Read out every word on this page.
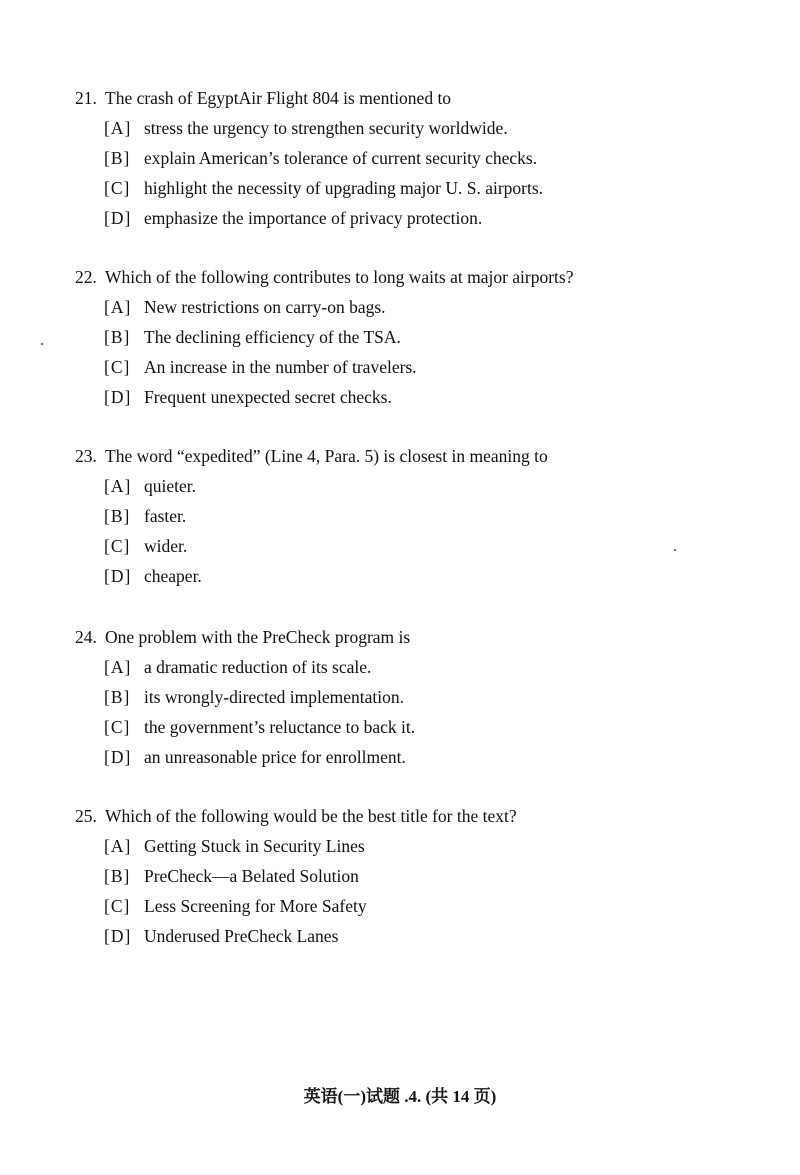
21. The crash of EgyptAir Flight 804 is mentioned to
[A] stress the urgency to strengthen security worldwide.
[B] explain American’s tolerance of current security checks.
[C] highlight the necessity of upgrading major U. S. airports.
[D] emphasize the importance of privacy protection.
22. Which of the following contributes to long waits at major airports?
[A] New restrictions on carry-on bags.
[B] The declining efficiency of the TSA.
[C] An increase in the number of travelers.
[D] Frequent unexpected secret checks.
23. The word “expedited” (Line 4, Para. 5) is closest in meaning to
[A] quieter.
[B] faster.
[C] wider.
[D] cheaper.
24. One problem with the PreCheck program is
[A] a dramatic reduction of its scale.
[B] its wrongly-directed implementation.
[C] the government’s reluctance to back it.
[D] an unreasonable price for enrollment.
25. Which of the following would be the best title for the text?
[A] Getting Stuck in Security Lines
[B] PreCheck—a Belated Solution
[C] Less Screening for More Safety
[D] Underused PreCheck Lanes
英语(一)试题 .4. (共 14 页)
